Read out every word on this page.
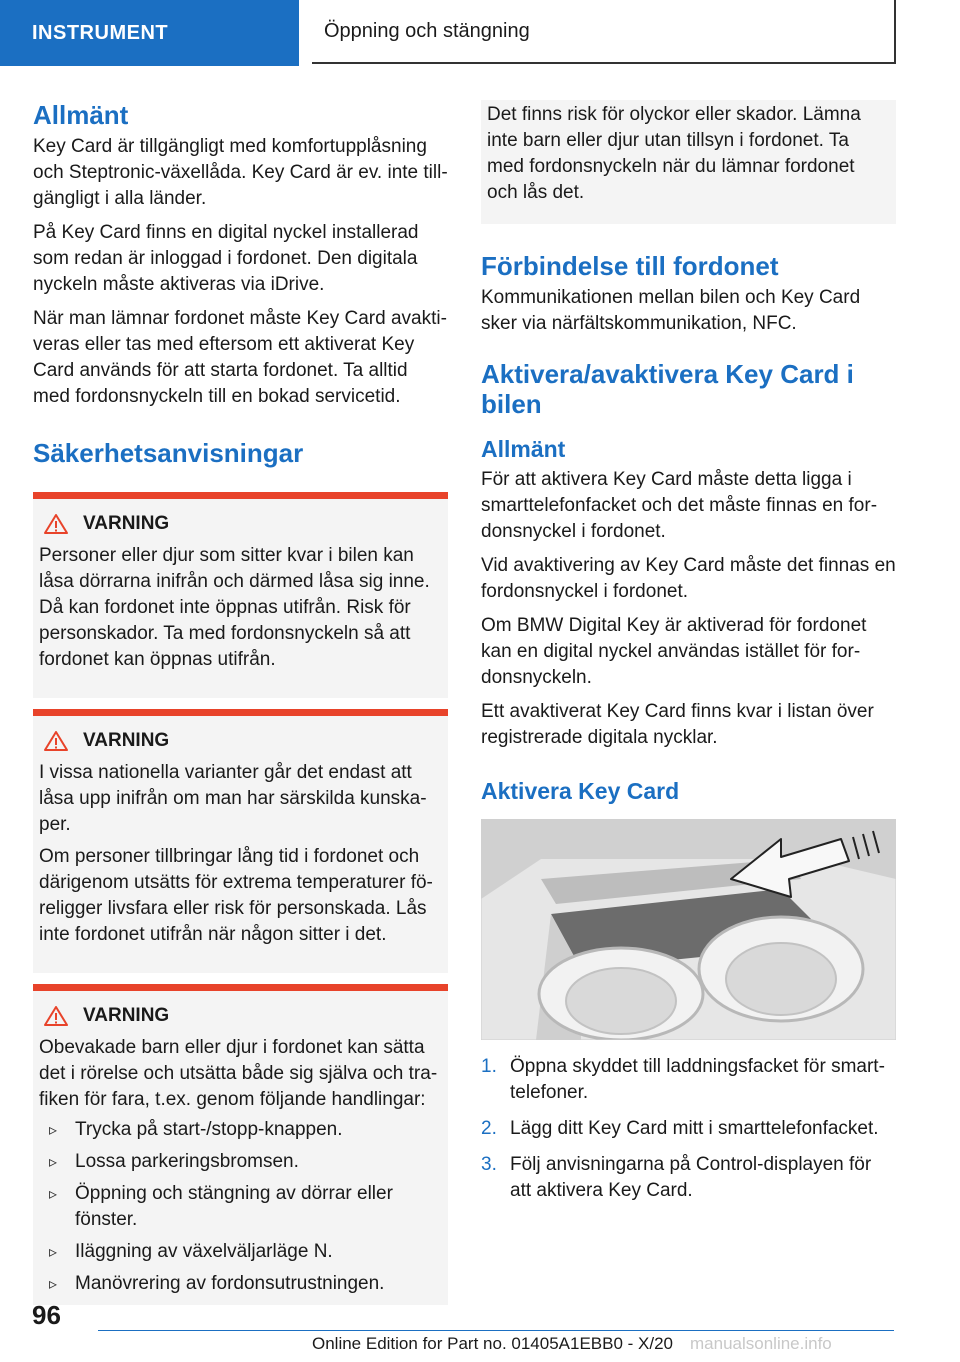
INSTRUMENT	Öppning och stängning
Allmänt

Key Card är tillgängligt med komfortupplåsning och Steptronic-växellåda. Key Card är ev. inte till-gängligt i alla länder.

På Key Card finns en digital nyckel installerad som redan är inloggad i fordonet. Den digitala nyckeln måste aktiveras via iDrive.

När man lämnar fordonet måste Key Card avakti-veras eller tas med eftersom ett aktiverat Key Card används för att starta fordonet. Ta alltid med fordonsnyckeln till en bokad servicetid.

Säkerhetsanvisningar
VARNING

Personer eller djur som sitter kvar i bilen kan låsa dörrarna inifrån och därmed låsa sig inne. Då kan fordonet inte öppnas utifrån. Risk för personskador. Ta med fordonsnyckeln så att fordonet kan öppnas utifrån.

VARNING

I vissa nationella varianter går det endast att låsa upp inifrån om man har särskilda kunska-per.

Om personer tillbringar lång tid i fordonet och därigenom utsätts för extrema temperaturer fö-religger livsfara eller risk för personskada. Lås inte fordonet utifrån när någon sitter i det.

VARNING

Obevakade barn eller djur i fordonet kan sätta det i rörelse och utsätta både sig själva och tra-fiken för fara, t.ex. genom följande handlingar:

▹ Trycka på start-/stopp-knappen.
▹ Lossa parkeringsbromsen.
▹ Öppning och stängning av dörrar eller fönster.
▹ Iläggning av växelväljarläge N.
▹ Manövrering av fordonsutrustningen.

Det finns risk för olyckor eller skador. Lämna inte barn eller djur utan tillsyn i fordonet. Ta med fordonsnyckeln när du lämnar fordonet och lås det.

Förbindelse till fordonet

Kommunikationen mellan bilen och Key Card sker via närfältskommunikation, NFC.

Aktivera/avaktivera Key Card i bilen
Allmänt

För att aktivera Key Card måste detta ligga i smarttelefonfacket och det måste finnas en for-donsnyckel i fordonet.

Vid avaktivering av Key Card måste det finnas en fordonsnyckel i fordonet.

Om BMW Digital Key är aktiverad för fordonet kan en digital nyckel användas istället för for-donsnyckeln.

Ett avaktiverat Key Card finns kvar i listan över registrerade digitala nycklar.

Aktivera Key Card
1. Öppna skyddet till laddningsfacket för smart-telefoner.
2. Lägg ditt Key Card mitt i smarttelefonfacket.
3. Följ anvisningarna på Control-displayen för att aktivera Key Card.
96
Online Edition for Part no. 01405A1EBB0 - X/20 manualsonline.info
